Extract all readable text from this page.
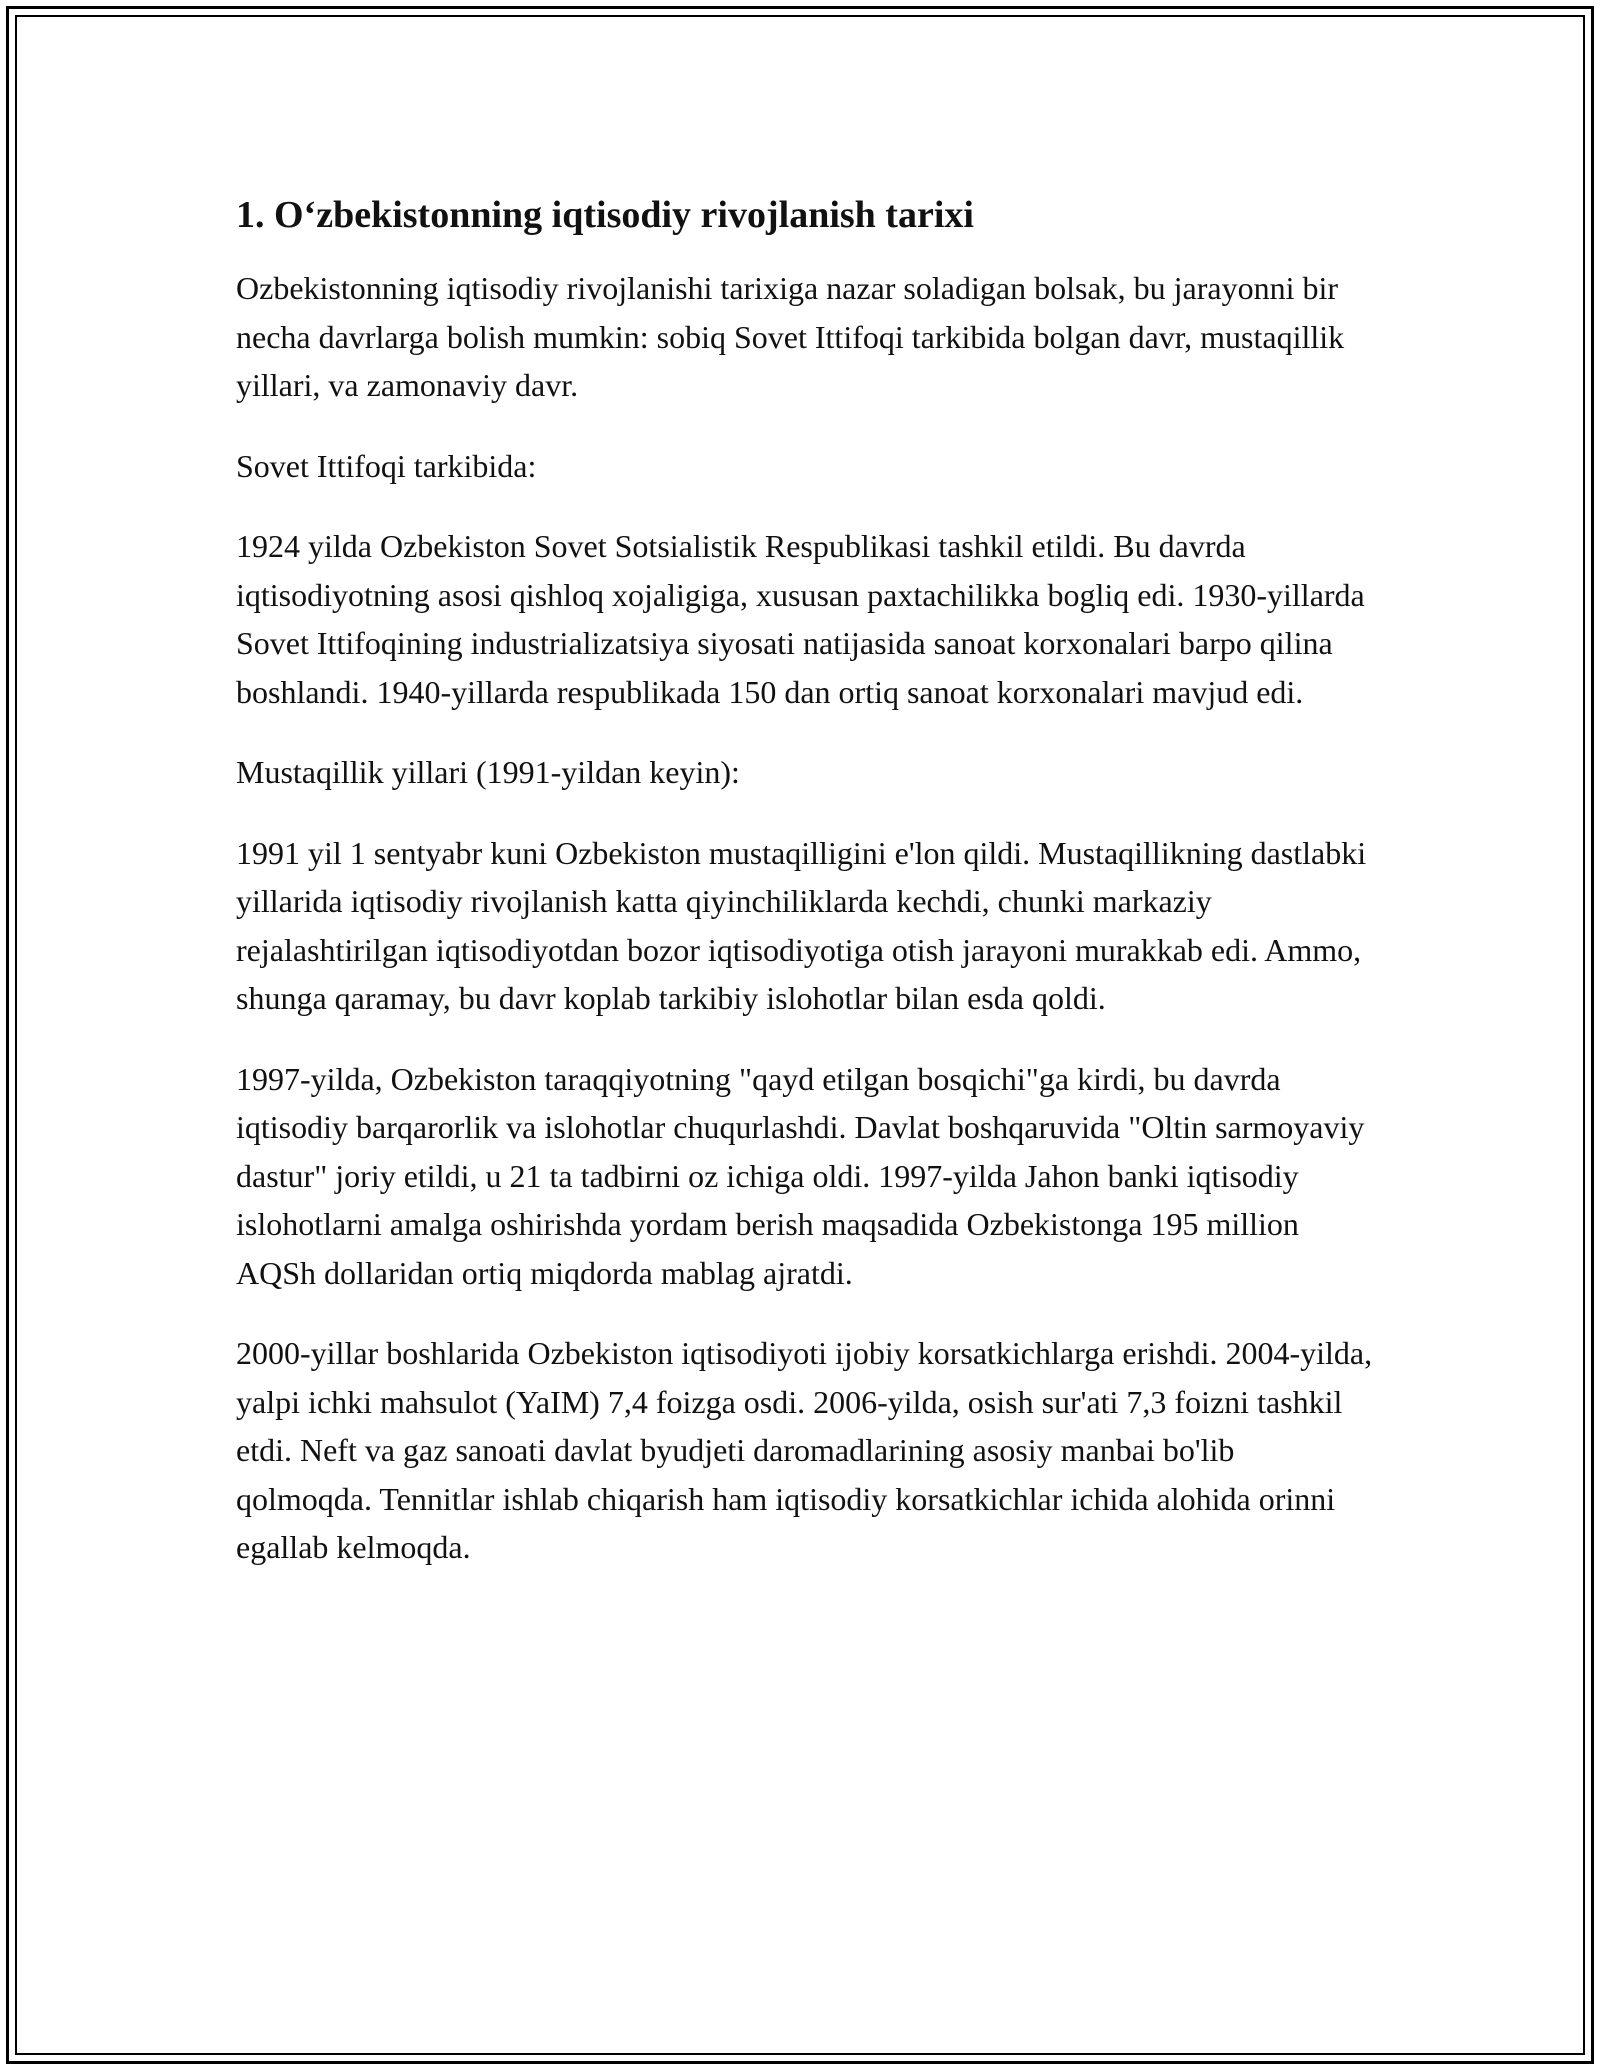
1. O‘zbekistonning iqtisodiy rivojlanish tarixi

Ozbekistonning iqtisodiy rivojlanishi tarixiga nazar soladigan bolsak, bu jarayonni bir necha davrlarga bolish mumkin: sobiq Sovet Ittifoqi tarkibida bolgan davr, mustaqillik yillari, va zamonaviy davr.

Sovet Ittifoqi tarkibida:

1924 yilda Ozbekiston Sovet Sotsialistik Respublikasi tashkil etildi. Bu davrda iqtisodiyotning asosi qishloq xojaligiga, xususan paxtachilikka bogliq edi. 1930-yillarda Sovet Ittifoqining industrializatsiya siyosati natijasida sanoat korxonalari barpo qilina boshlandi. 1940-yillarda respublikada 150 dan ortiq sanoat korxonalari mavjud edi.

Mustaqillik yillari (1991-yildan keyin):

1991 yil 1 sentyabr kuni Ozbekiston mustaqilligini e'lon qildi. Mustaqillikning dastlabki yillarida iqtisodiy rivojlanish katta qiyinchiliklarda kechdi, chunki markaziy rejalashtirilgan iqtisodiyotdan bozor iqtisodiyotiga otish jarayoni murakkab edi. Ammo, shunga qaramay, bu davr koplab tarkibiy islohotlar bilan esda qoldi.

1997-yilda, Ozbekiston taraqqiyotning "qayd etilgan bosqichi"ga kirdi, bu davrda iqtisodiy barqarorlik va islohotlar chuqurlashdi. Davlat boshqaruvida "Oltin sarmoyaviy dastur" joriy etildi, u 21 ta tadbirni oz ichiga oldi. 1997-yilda Jahon banki iqtisodiy islohotlarni amalga oshirishda yordam berish maqsadida Ozbekistonga 195 million AQSh dollaridan ortiq miqdorda mablag ajratdi.

2000-yillar boshlarida Ozbekiston iqtisodiyoti ijobiy korsatkichlarga erishdi. 2004-yilda, yalpi ichki mahsulot (YaIM) 7,4 foizga osdi. 2006-yilda, osish sur'ati 7,3 foizni tashkil etdi. Neft va gaz sanoati davlat byudjeti daromadlarining asosiy manbai bo'lib qolmoqda. Tennitlar ishlab chiqarish ham iqtisodiy korsatkichlar ichida alohida orinni egallab kelmoqda.
